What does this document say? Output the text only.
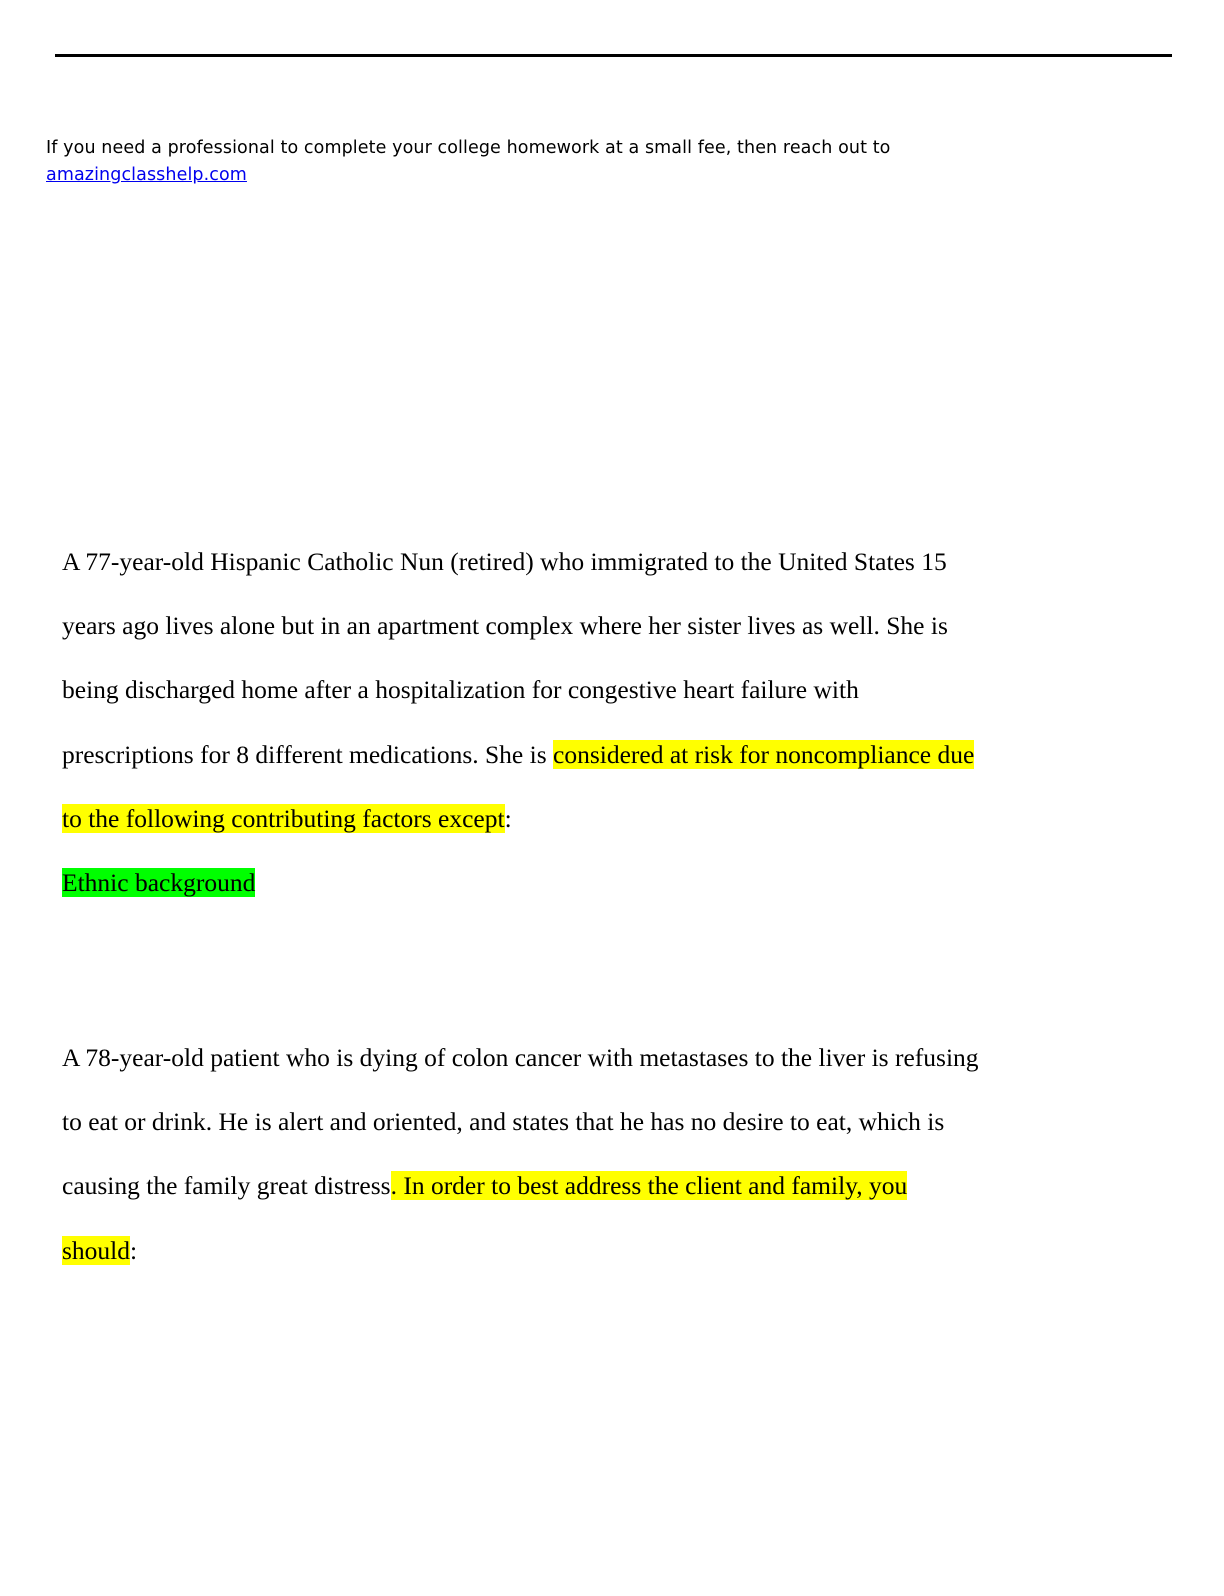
If you need a professional to complete your college homework at a small fee, then reach out to
amazingclasshelp.com

A 77-year-old Hispanic Catholic Nun (retired) who immigrated to the United States 15

years ago lives alone but in an apartment complex where her sister lives as well. She is

being discharged home after a hospitalization for congestive heart failure with

prescriptions for 8 different medications. She is considered at risk for noncompliance due

to the following contributing factors except:

Ethnic background

A 78-year-old patient who is dying of colon cancer with metastases to the liver is refusing

to eat or drink. He is alert and oriented, and states that he has no desire to eat, which is

causing the family great distress. In order to best address the client and family, you

should:
